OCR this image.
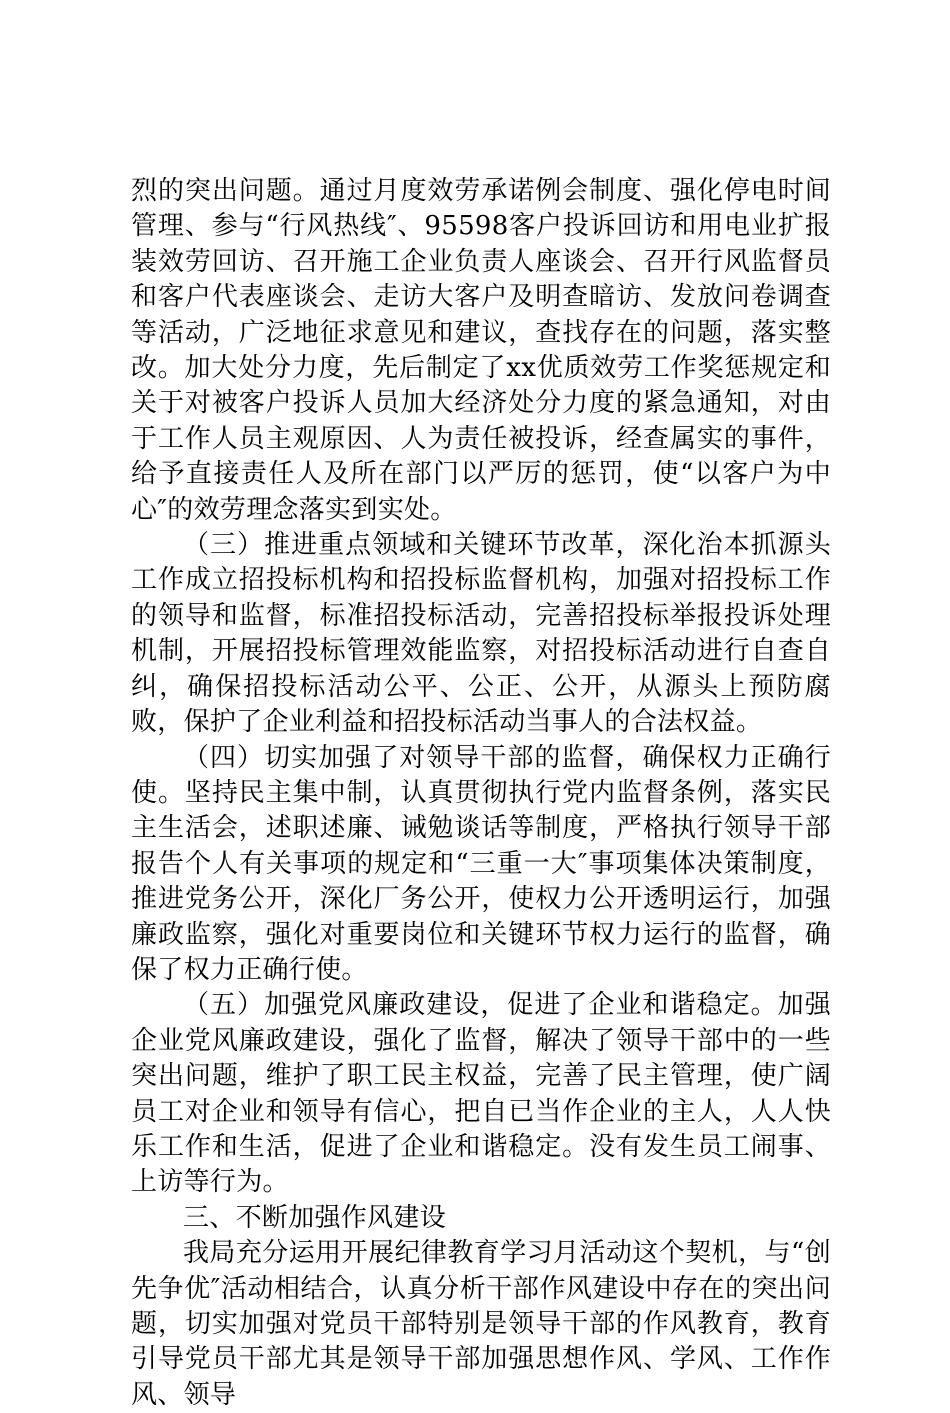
烈的突出问题。通过月度效劳承诺例会制度、强化停电时间管理、参与“行风热线″、95598客户投诉回访和用电业扩报装效劳回访、召开施工企业负责人座谈会、召开行风监督员和客户代表座谈会、走访大客户及明查暗访、发放问卷调查等活动，广泛地征求意见和建议，查找存在的问题，落实整改。加大处分力度，先后制定了xx优质效劳工作奖惩规定和关于对被客户投诉人员加大经济处分力度的紧急通知，对由于工作人员主观原因、人为责任被投诉，经查属实的事件，给予直接责任人及所在部门以严厉的惩罚，使“以客户为中心″的效劳理念落实到实处。

（三）推进重点领域和关键环节改革，深化治本抓源头工作成立招投标机构和招投标监督机构，加强对招投标工作的领导和监督，标准招投标活动，完善招投标举报投诉处理机制，开展招投标管理效能监察，对招投标活动进行自查自纠，确保招投标活动公平、公正、公开，从源头上预防腐败，保护了企业利益和招投标活动当事人的合法权益。

（四）切实加强了对领导干部的监督，确保权力正确行使。坚持民主集中制，认真贯彻执行党内监督条例，落实民主生活会，述职述廉、诫勉谈话等制度，严格执行领导干部报告个人有关事项的规定和“三重一大″事项集体决策制度，推进党务公开，深化厂务公开，使权力公开透明运行，加强廉政监察，强化对重要岗位和关键环节权力运行的监督，确保了权力正确行使。

（五）加强党风廉政建设，促进了企业和谐稳定。加强企业党风廉政建设，强化了监督，解决了领导干部中的一些突出问题，维护了职工民主权益，完善了民主管理，使广阔员工对企业和领导有信心，把自已当作企业的主人，人人快乐工作和生活，促进了企业和谐稳定。没有发生员工闹事、上访等行为。

三、不断加强作风建设

我局充分运用开展纪律教育学习月活动这个契机，与“创先争优″活动相结合，认真分析干部作风建设中存在的突出问题，切实加强对党员干部特别是领导干部的作风教育，教育引导党员干部尤其是领导干部加强思想作风、学风、工作作风、领导
